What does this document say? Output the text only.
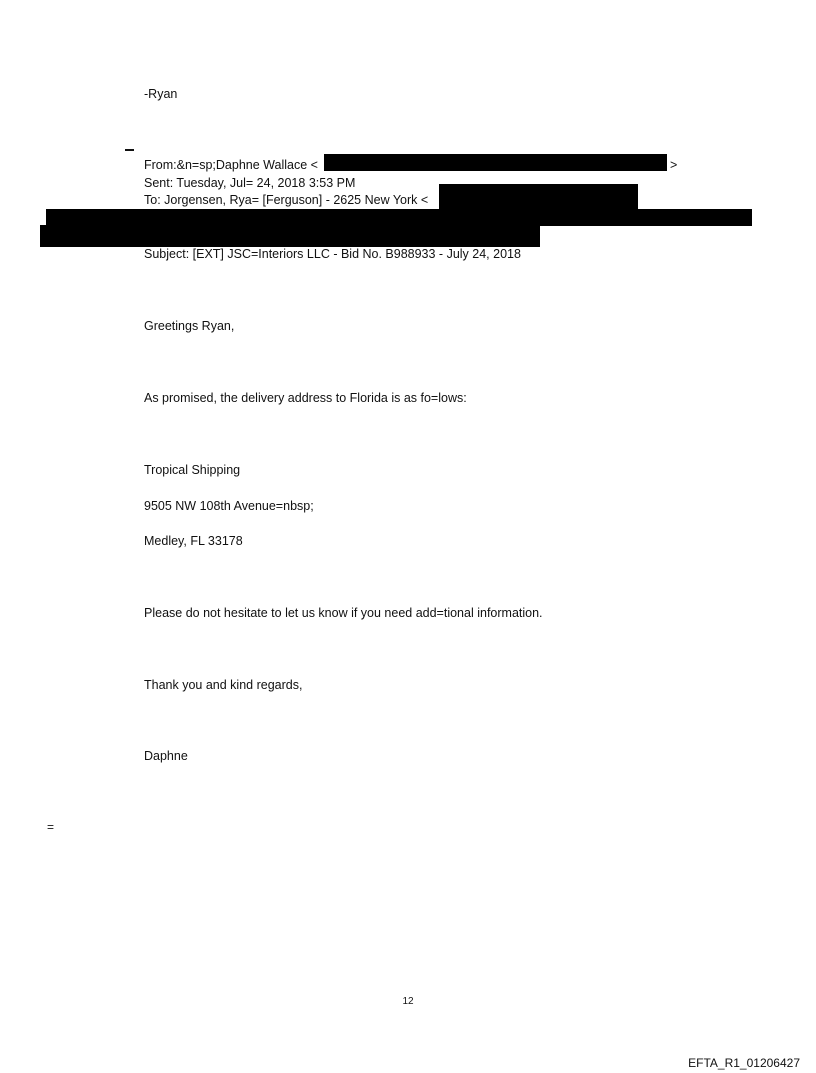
-Ryan
From:&n=sp;Daphne Wallace <	>
Sent: Tuesday, Jul= 24, 2018 3:53 PM
To: Jorgensen, Rya= [Ferguson] - 2625 New York <
Subject: [EXT] JSC=Interiors LLC - Bid No. B988933 - July 24, 2018
Greetings Ryan,
As promised, the delivery address to Florida is as fo=lows:
Tropical Shipping
9505 NW 108th Avenue=nbsp;
Medley, FL 33178
Please do not hesitate to let us know if you need add=tional information.
Thank you and kind regards,
Daphne
=
12
EFTA_R1_01206427
